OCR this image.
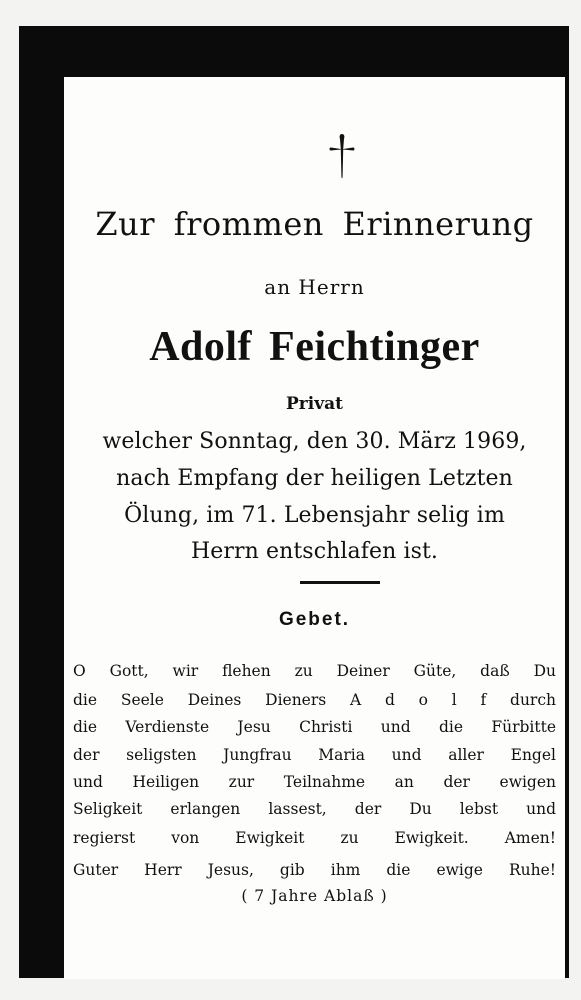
Zur frommen Erinnerung
an Herrn
Adolf Feichtinger
Privat
welcher Sonntag, den 30. März 1969,
nach Empfang der heiligen Letzten
Ölung, im 71. Lebensjahr selig im
Herrn entschlafen ist.
Gebet.
O Gott, wir flehen zu Deiner Güte, daß Du
die Seele Deines Dieners A d o l f durch
die Verdienste Jesu Christi und die Fürbitte
der seligsten Jungfrau Maria und aller Engel
und Heiligen zur Teilnahme an der ewigen
Seligkeit erlangen lassest, der Du lebst und
regierst von Ewigkeit zu Ewigkeit. Amen!
Guter Herr Jesus, gib ihm die ewige Ruhe!
( 7 Jahre Ablaß )
